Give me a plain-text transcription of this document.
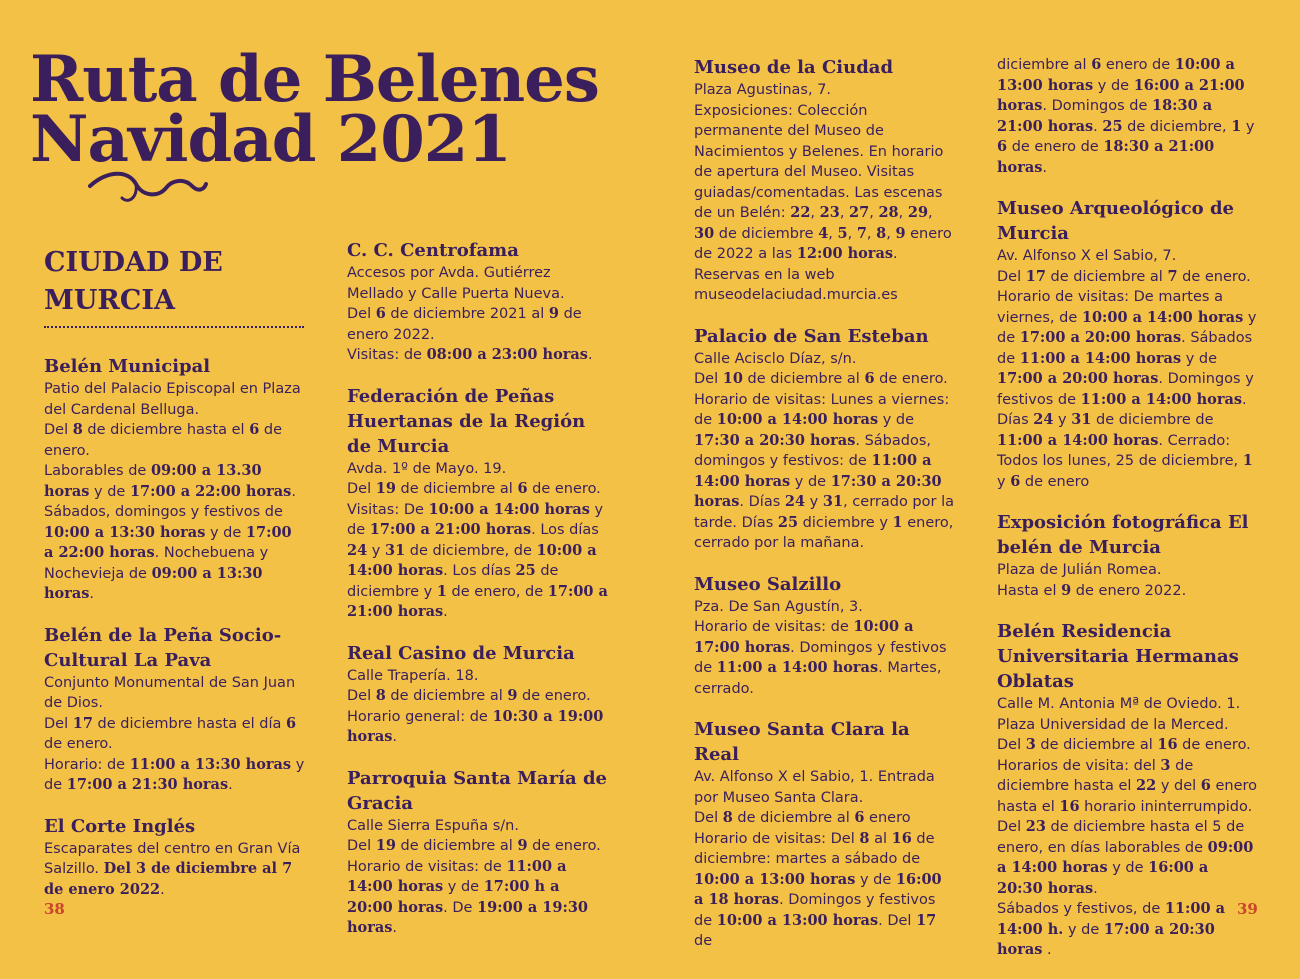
Ruta de Belenes
Navidad 2021
CIUDAD DE MURCIA
Belén Municipal

Patio del Palacio Episcopal en Plaza del Cardenal Belluga.
Del 8 de diciembre hasta el 6 de enero.
Laborables de 09:00 a 13.30 horas y de 17:00 a 22:00 horas.
Sábados, domingos y festivos de 10:00 a 13:30 horas y de 17:00 a 22:00 horas. Nochebuena y Nochevieja de 09:00 a 13:30 horas.

Belén de la Peña Socio-Cultural La Pava

Conjunto Monumental de San Juan de Dios.
Del 17 de diciembre hasta el día 6 de enero.
Horario: de 11:00 a 13:30 horas y de 17:00 a 21:30 horas.

El Corte Inglés

Escaparates del centro en Gran Vía Salzillo. Del 3 de diciembre al 7 de enero 2022.

C. C. Centrofama

Accesos por Avda. Gutiérrez Mellado y Calle Puerta Nueva.
Del 6 de diciembre 2021 al 9 de enero 2022.
Visitas: de 08:00 a 23:00 horas.

Federación de Peñas Huertanas de la Región de Murcia

Avda. 1º de Mayo. 19.
Del 19 de diciembre al 6 de enero.
Visitas: De 10:00 a 14:00 horas y de 17:00 a 21:00 horas. Los días 24 y 31 de diciembre, de 10:00 a 14:00 horas. Los días 25 de diciembre y 1 de enero, de 17:00 a 21:00 horas.

Real Casino de Murcia

Calle Trapería. 18.
Del 8 de diciembre al 9 de enero.
Horario general: de 10:30 a 19:00 horas.

Parroquia Santa María de Gracia

Calle Sierra Espuña s/n.
Del 19 de diciembre al 9 de enero.
Horario de visitas: de 11:00 a 14:00 horas y de 17:00 h a 20:00 horas. De 19:00 a 19:30 horas.

Museo de la Ciudad

Plaza Agustinas, 7.
Exposiciones: Colección permanente del Museo de Nacimientos y Belenes. En horario de apertura del Museo. Visitas guiadas/comentadas. Las escenas de un Belén: 22, 23, 27, 28, 29, 30 de diciembre 4, 5, 7, 8, 9 enero de 2022 a las 12:00 horas.
Reservas en la web museodelaciudad.murcia.es

Palacio de San Esteban

Calle Acisclo Díaz, s/n.
Del 10 de diciembre al 6 de enero.
Horario de visitas: Lunes a viernes: de 10:00 a 14:00 horas y de 17:30 a 20:30 horas. Sábados, domingos y festivos: de 11:00 a 14:00 horas y de 17:30 a 20:30 horas. Días 24 y 31, cerrado por la tarde. Días 25 diciembre y 1 enero, cerrado por la mañana.

Museo Salzillo

Pza. De San Agustín, 3.
Horario de visitas: de 10:00 a 17:00 horas. Domingos y festivos de 11:00 a 14:00 horas. Martes, cerrado.

Museo Santa Clara la Real

Av. Alfonso X el Sabio, 1. Entrada por Museo Santa Clara.
Del 8 de diciembre al 6 enero
Horario de visitas: Del 8 al 16 de diciembre: martes a sábado de 10:00 a 13:00 horas y de 16:00 a 18 horas. Domingos y festivos de 10:00 a 13:00 horas. Del 17 de

diciembre al 6 enero de 10:00 a 13:00 horas y de 16:00 a 21:00 horas. Domingos de 18:30 a 21:00 horas. 25 de diciembre, 1 y 6 de enero de 18:30 a 21:00 horas.

Museo Arqueológico de Murcia

Av. Alfonso X el Sabio, 7.
Del 17 de diciembre al 7 de enero.
Horario de visitas: De martes a viernes, de 10:00 a 14:00 horas y de 17:00 a 20:00 horas. Sábados de 11:00 a 14:00 horas y de 17:00 a 20:00 horas. Domingos y festivos de 11:00 a 14:00 horas. Días 24 y 31 de diciembre de 11:00 a 14:00 horas. Cerrado: Todos los lunes, 25 de diciembre, 1 y 6 de enero

Exposición fotográfica El belén de Murcia

Plaza de Julián Romea.
Hasta el 9 de enero 2022.

Belén Residencia Universitaria Hermanas Oblatas

Calle M. Antonia Mª de Oviedo. 1. Plaza Universidad de la Merced.
Del 3 de diciembre al 16 de enero.
Horarios de visita: del 3 de diciembre hasta el 22 y del 6 enero hasta el 16 horario ininterrumpido. Del 23 de diciembre hasta el 5 de enero, en días laborables de 09:00 a 14:00 horas y de 16:00 a 20:30 horas.
Sábados y festivos, de 11:00 a 14:00 h. y de 17:00 a 20:30 horas .

38	39
